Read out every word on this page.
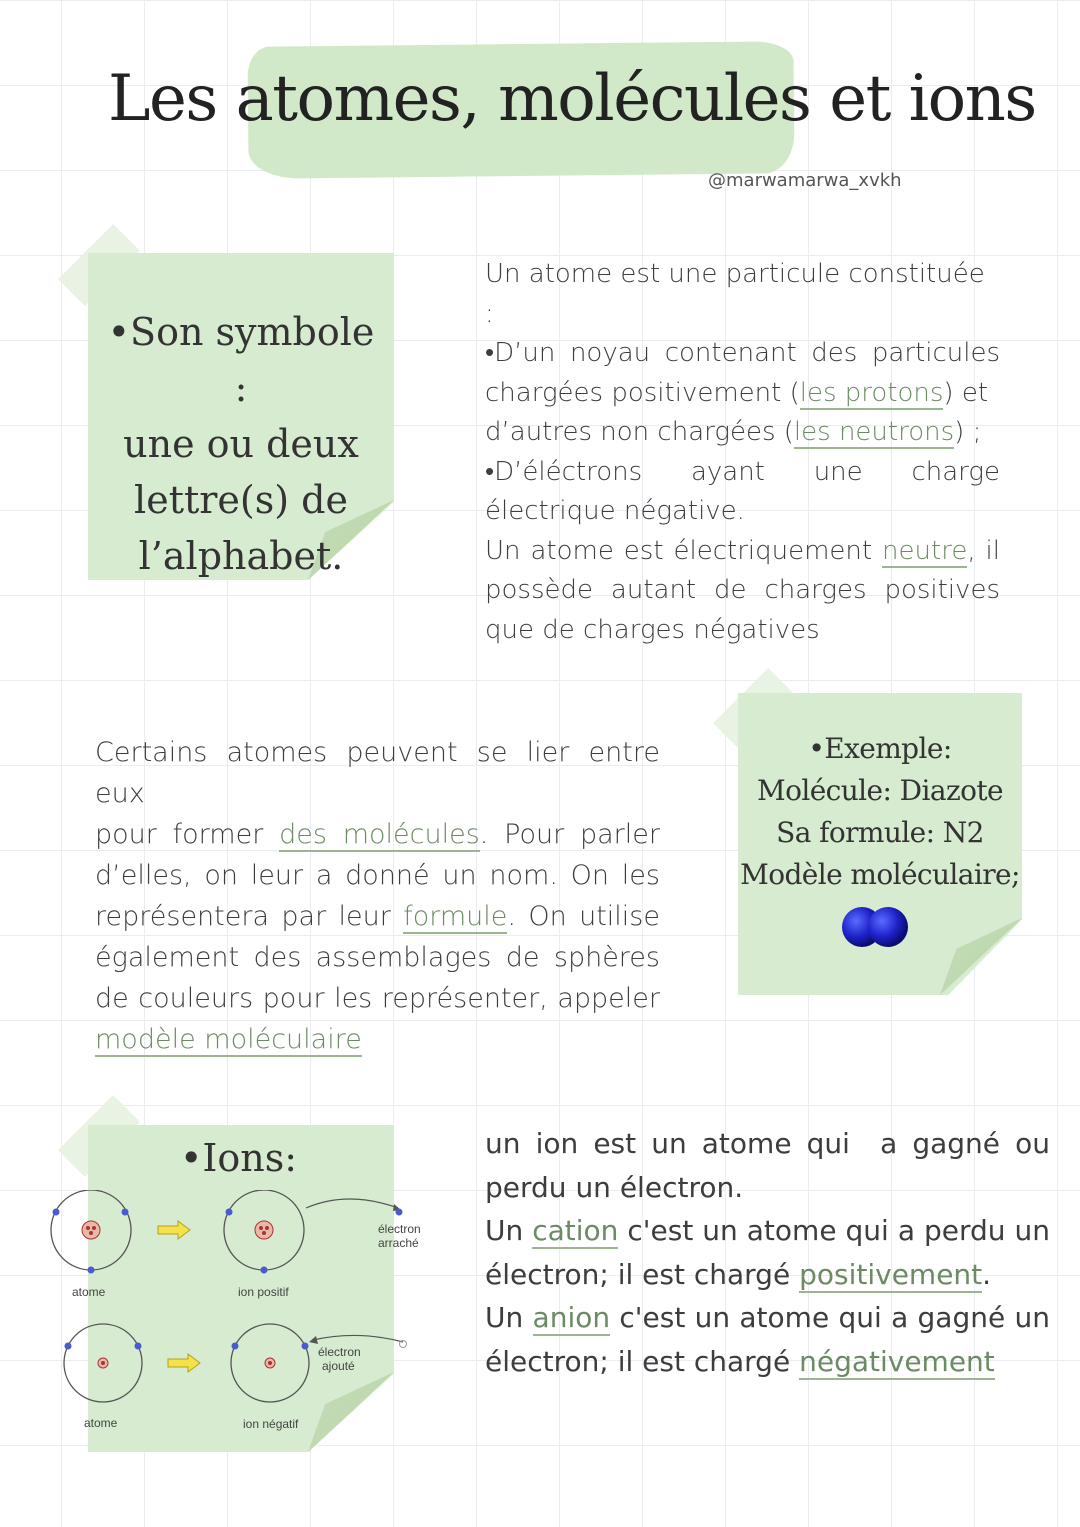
Les atomes, molécules et ions
@marwamarwa_xvkh
•Son symbole :
une ou deux
lettre(s) de
l’alphabet.
Un atome est une particule constituée :
•D’un noyau contenant des particules
chargées positivement (les protons) et
d’autres non chargées (les neutrons) ;
•D’éléctrons ayant une charge
électrique négative.
Un atome est électriquement neutre, il
possède autant de charges positives
que de charges négatives
Certains atomes peuvent se lier entre eux
pour former des molécules. Pour parler
d’elles, on leur a donné un nom. On les
représentera par leur formule. On utilise
également des assemblages de sphères
de couleurs pour les représenter, appeler
modèle moléculaire
•Exemple:
Molécule: Diazote
Sa formule: N2
Modèle moléculaire;
•Ions:
électron
arraché
atome	ion positif
électron
ajouté
atome	ion négatif
un ion est un atome qui  a gagné ou
perdu un électron.
Un cation c'est un atome qui a perdu un
électron; il est chargé positivement.
Un anion c'est un atome qui a gagné un
électron; il est chargé négativement
